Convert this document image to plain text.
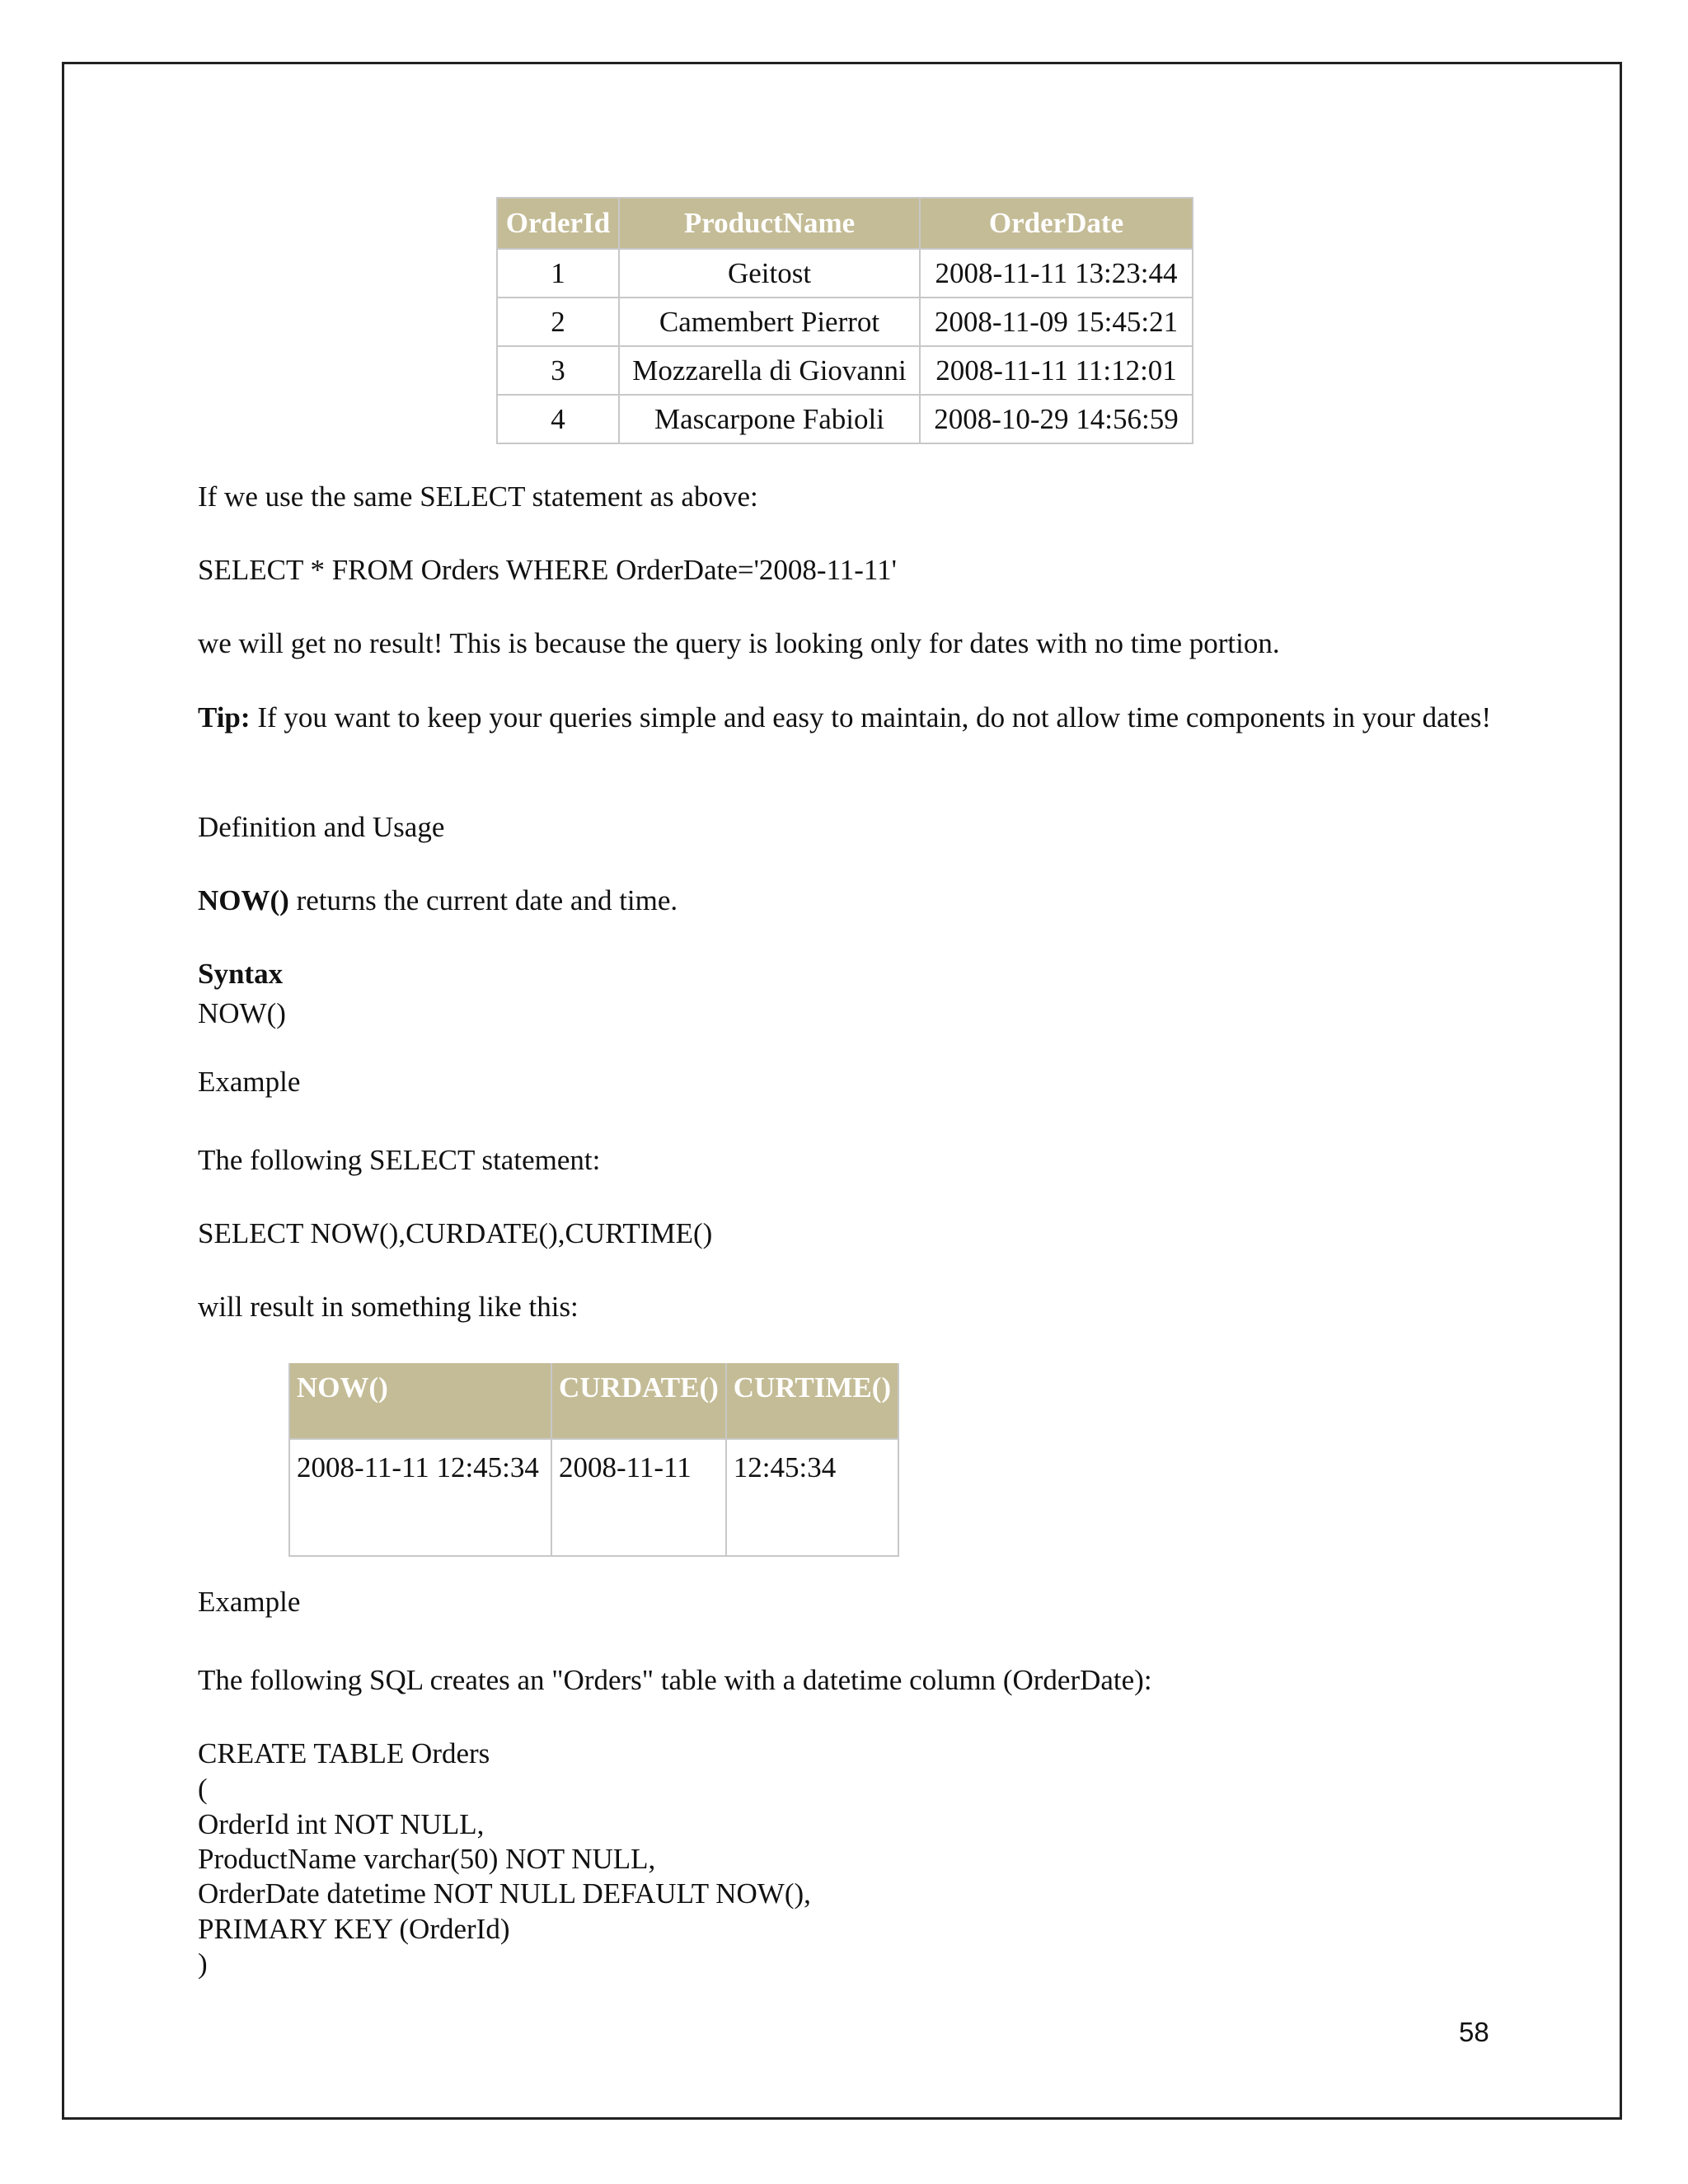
OrderId	ProductName	OrderDate
1	Geitost	2008-11-11 13:23:44
2	Camembert Pierrot	2008-11-09 15:45:21
3	Mozzarella di Giovanni	2008-11-11 11:12:01
4	Mascarpone Fabioli	2008-10-29 14:56:59
If we use the same SELECT statement as above:
SELECT * FROM Orders WHERE OrderDate='2008-11-11'
we will get no result! This is because the query is looking only for dates with no time portion.
Tip: If you want to keep your queries simple and easy to maintain, do not allow time components in your dates!
Definition and Usage
NOW() returns the current date and time.
Syntax
NOW()
Example
The following SELECT statement:
SELECT NOW(),CURDATE(),CURTIME()
will result in something like this:
NOW()	CURDATE()	CURTIME()
2008-11-11 12:45:34	2008-11-11	12:45:34
Example
The following SQL creates an "Orders" table with a datetime column (OrderDate):
CREATE TABLE Orders
(
OrderId int NOT NULL,
ProductName varchar(50) NOT NULL,
OrderDate datetime NOT NULL DEFAULT NOW(),
PRIMARY KEY (OrderId)
)
58
